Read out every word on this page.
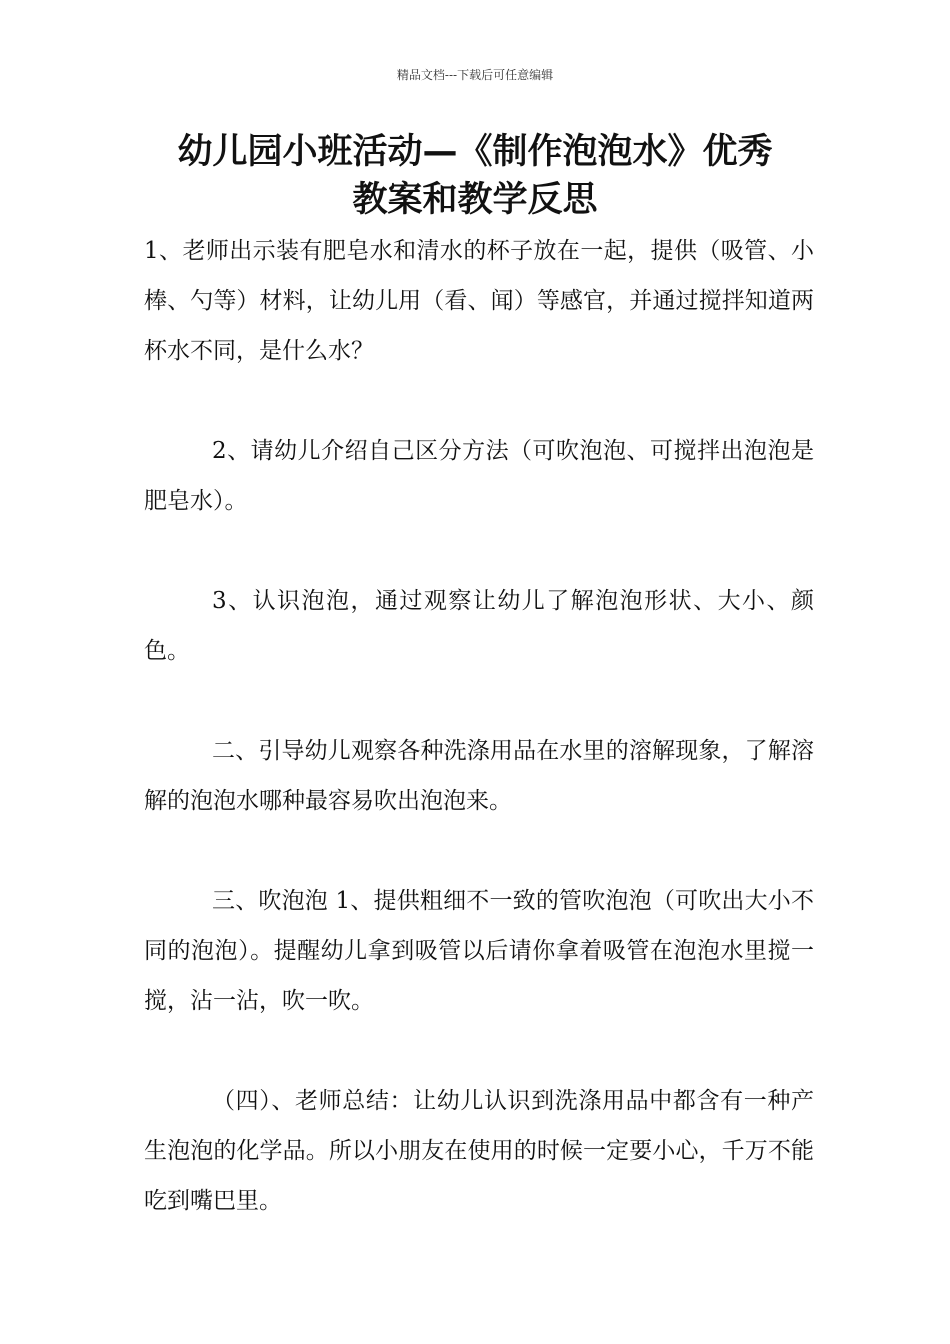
精品文档---下载后可任意编辑
幼儿园小班活动—《制作泡泡水》优秀
教案和教学反思

1、老师出示装有肥皂水和清水的杯子放在一起，提供（吸管、小棒、勺等）材料，让幼儿用（看、闻）等感官，并通过搅拌知道两杯水不同，是什么水？

2、请幼儿介绍自己区分方法（可吹泡泡、可搅拌出泡泡是肥皂水）。

3、认识泡泡，通过观察让幼儿了解泡泡形状、大小、颜色。

二、引导幼儿观察各种洗涤用品在水里的溶解现象，了解溶解的泡泡水哪种最容易吹出泡泡来。

三、吹泡泡 1、提供粗细不一致的管吹泡泡（可吹出大小不同的泡泡）。提醒幼儿拿到吸管以后请你拿着吸管在泡泡水里搅一搅，沾一沾，吹一吹。

（四）、老师总结：让幼儿认识到洗涤用品中都含有一种产生泡泡的化学品。所以小朋友在使用的时候一定要小心，千万不能吃到嘴巴里。
